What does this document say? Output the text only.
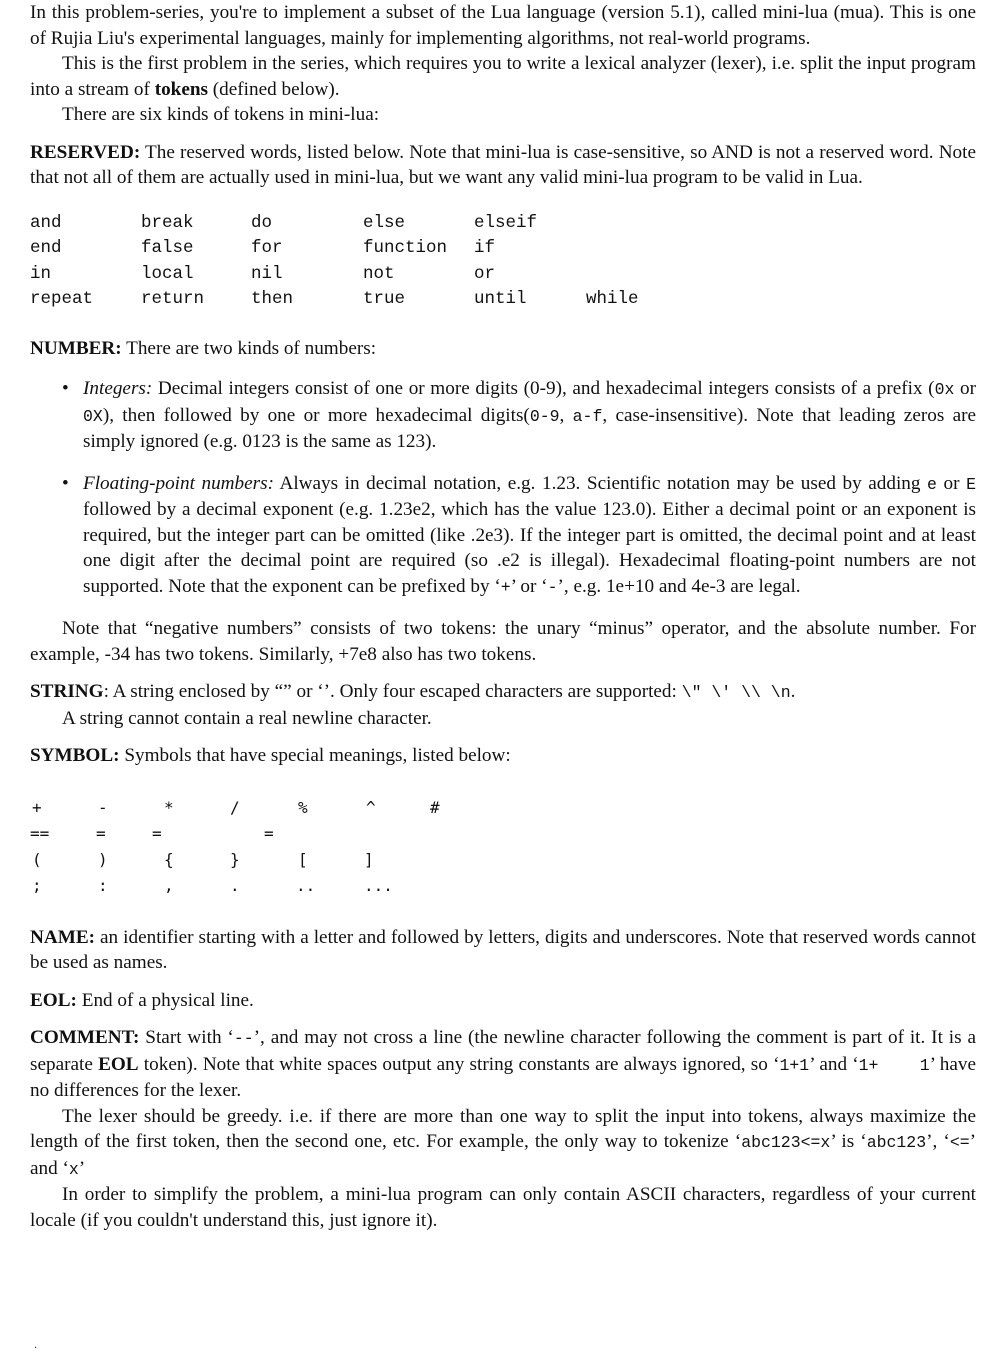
In this problem-series, you're to implement a subset of the Lua language (version 5.1), called mini-lua (mua). This is one of Rujia Liu's experimental languages, mainly for implementing algorithms, not real-world programs.

This is the first problem in the series, which requires you to write a lexical analyzer (lexer), i.e. split the input program into a stream of tokens (defined below).

There are six kinds of tokens in mini-lua:

RESERVED: The reserved words, listed below. Note that mini-lua is case-sensitive, so AND is not a reserved word. Note that not all of them are actually used in mini-lua, but we want any valid mini-lua program to be valid in Lua.

and	break	do	else	elseif
end	false	for	function if
in	local	nil	not	or
repeat	return	then	true	until	while

NUMBER: There are two kinds of numbers:

• Integers: Decimal integers consist of one or more digits (0-9), and hexadecimal integers consists of a prefix (0x or 0X), then followed by one or more hexadecimal digits(0-9, a-f, case-insensitive). Note that leading zeros are simply ignored (e.g. 0123 is the same as 123).
• Floating-point numbers: Always in decimal notation, e.g. 1.23. Scientific notation may be used by adding e or E followed by a decimal exponent (e.g. 1.23e2, which has the value 123.0). Either a decimal point or an exponent is required, but the integer part can be omitted (like .2e3). If the integer part is omitted, the decimal point and at least one digit after the decimal point are required (so .e2 is illegal). Hexadecimal floating-point numbers are not supported. Note that the exponent can be prefixed by ‘+’ or ‘-’, e.g. 1e+10 and 4e-3 are legal.

Note that “negative numbers” consists of two tokens: the unary “minus” operator, and the absolute number. For example, -34 has two tokens. Similarly, +7e8 also has two tokens.

STRING: A string enclosed by “” or ‘’. Only four escaped characters are supported: \" \' \\ \n.

A string cannot contain a real newline character.

SYMBOL: Symbols that have special meanings, listed below:

+	-	*	/	%	^	#
==	=	=	=
(	)	{	}	[	]
;	:	,	.	..	...

NAME: an identifier starting with a letter and followed by letters, digits and underscores. Note that reserved words cannot be used as names.

EOL: End of a physical line.

COMMENT: Start with ‘--’, and may not cross a line (the newline character following the comment is part of it. It is a separate EOL token). Note that white spaces output any string constants are always ignored, so ‘1+1’ and ‘1+    1’ have no differences for the lexer.

The lexer should be greedy. i.e. if there are more than one way to split the input into tokens, always maximize the length of the first token, then the second one, etc. For example, the only way to tokenize ‘abc123<=x’ is ‘abc123’, ‘<=’ and ‘x’

In order to simplify the problem, a mini-lua program can only contain ASCII characters, regardless of your current locale (if you couldn't understand this, just ignore it).

.
